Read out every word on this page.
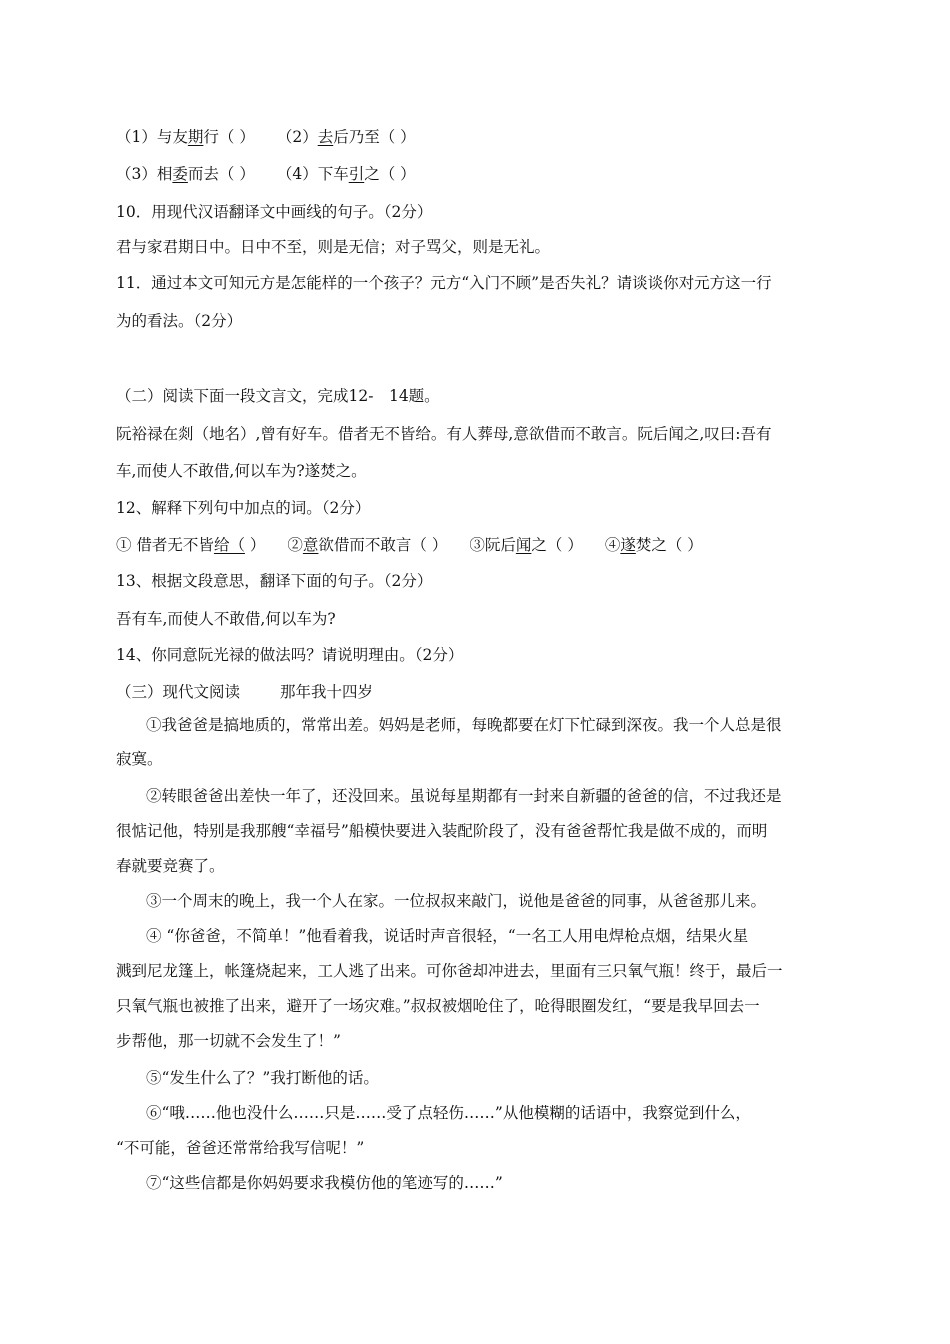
（1）与友期行（ ） （2）去后乃至（ ）
（3）相委而去（ ） （4）下车引之（ ）
10．用现代汉语翻译文中画线的句子。（2分）
君与家君期日中。日中不至，则是无信；对子骂父，则是无礼。
11．通过本文可知元方是怎能样的一个孩子？元方“入门不顾”是否失礼？请谈谈你对元方这一行
为的看法。（2分）
（二）阅读下面一段文言文，完成12-　14题。
阮裕禄在剡（地名）,曾有好车。借者无不皆给。有人葬母,意欲借而不敢言。阮后闻之,叹曰:吾有
车,而使人不敢借,何以车为?遂焚之。
12、解释下列句中加点的词。（2分）
① 借者无不皆给（ ） ②意欲借而不敢言（ ） ③阮后闻之（ ） ④遂焚之（ ）
13、根据文段意思，翻译下面的句子。（2分）
吾有车,而使人不敢借,何以车为?
14、你同意阮光禄的做法吗？请说明理由。（2分）
（三）现代文阅读	那年我十四岁
①我爸爸是搞地质的，常常出差。妈妈是老师，每晚都要在灯下忙碌到深夜。我一个人总是很
寂寞。
②转眼爸爸出差快一年了，还没回来。虽说每星期都有一封来自新疆的爸爸的信，不过我还是
很惦记他，特别是我那艘“幸福号”船模快要进入装配阶段了，没有爸爸帮忙我是做不成的，而明
春就要竞赛了。
③一个周末的晚上，我一个人在家。一位叔叔来敲门，说他是爸爸的同事，从爸爸那儿来。
④ “你爸爸，不简单！”他看着我，说话时声音很轻，“一名工人用电焊枪点烟，结果火星
溅到尼龙篷上，帐篷烧起来，工人逃了出来。可你爸却冲进去，里面有三只氧气瓶！终于，最后一
只氧气瓶也被推了出来，避开了一场灾难。”叔叔被烟呛住了，呛得眼圈发红，“要是我早回去一
步帮他，那一切就不会发生了！”
⑤“发生什么了？”我打断他的话。
⑥“哦……他也没什么……只是……受了点轻伤……”从他模糊的话语中，我察觉到什么，
“不可能，爸爸还常常给我写信呢！”
⑦“这些信都是你妈妈要求我模仿他的笔迹写的……”
